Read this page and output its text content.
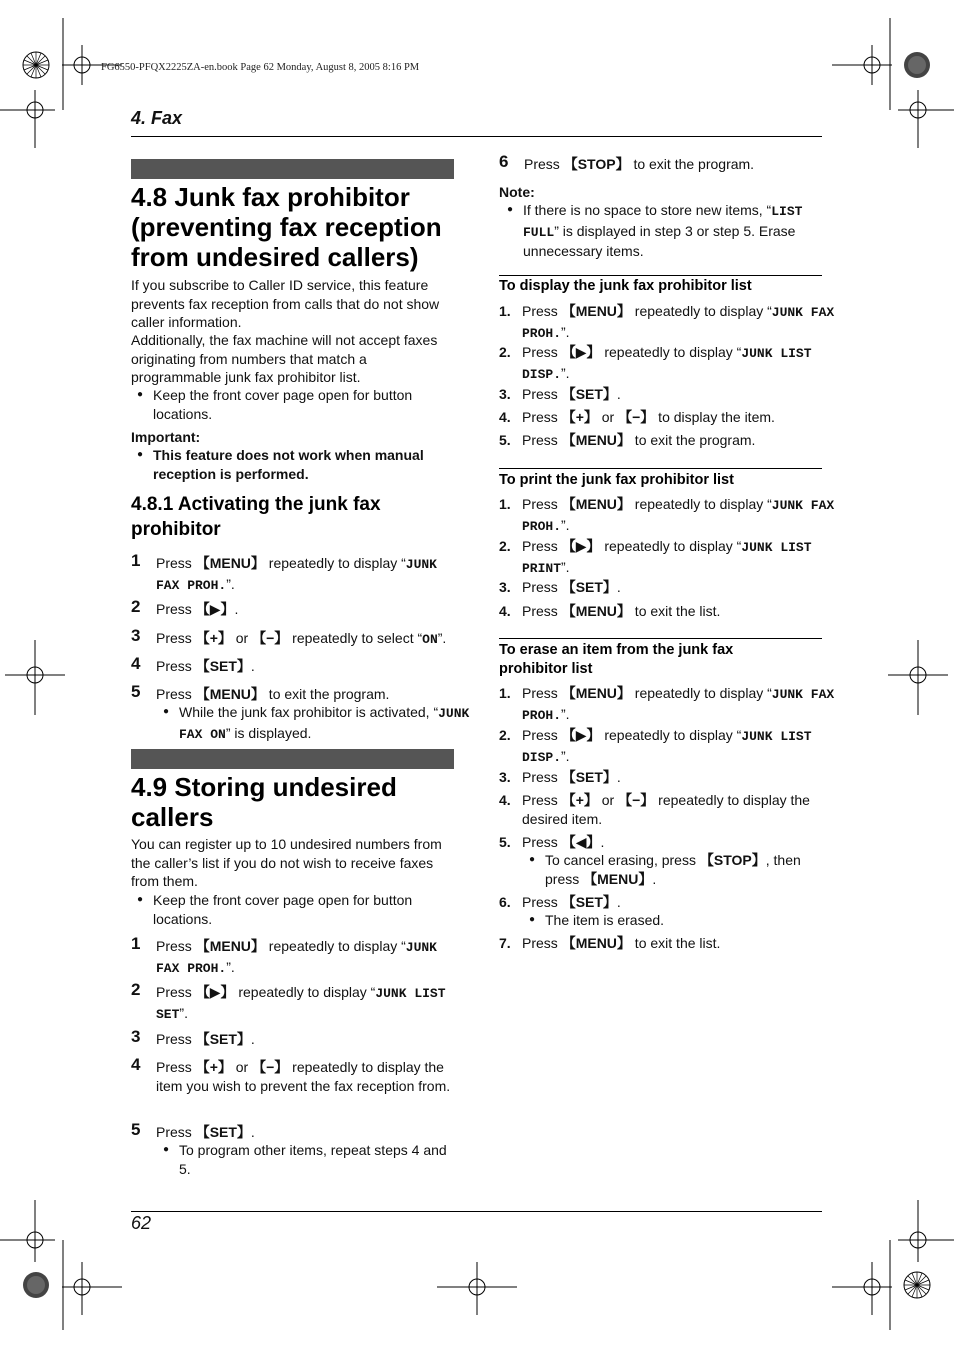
FG6550-PFQX2225ZA-en.book Page 62 Monday, August 8, 2005 8:16 PM
4. Fax
4.8 Junk fax prohibitor (preventing fax reception from undesired callers)
If you subscribe to Caller ID service, this feature prevents fax reception from calls that do not show caller information.
Additionally, the fax machine will not accept faxes originating from numbers that match a programmable junk fax prohibitor list.
● Keep the front cover page open for button locations.
Important:
● This feature does not work when manual reception is performed.
4.8.1 Activating the junk fax prohibitor
1 Press 【MENU】 repeatedly to display “JUNK FAX PROH.”.
2 Press 【▶】.
3 Press 【+】 or 【−】 repeatedly to select “ON”.
4 Press 【SET】.
5 Press 【MENU】 to exit the program.
● While the junk fax prohibitor is activated, “JUNK FAX ON” is displayed.
4.9 Storing undesired callers
You can register up to 10 undesired numbers from the caller’s list if you do not wish to receive faxes from them.
● Keep the front cover page open for button locations.
1 Press 【MENU】 repeatedly to display “JUNK FAX PROH.”.
2 Press 【▶】 repeatedly to display “JUNK LIST SET”.
3 Press 【SET】.
4 Press 【+】 or 【−】 repeatedly to display the item you wish to prevent the fax reception from.
5 Press 【SET】.
● To program other items, repeat steps 4 and 5.
6 Press 【STOP】 to exit the program.
Note:
● If there is no space to store new items, “LIST FULL” is displayed in step 3 or step 5. Erase unnecessary items.
To display the junk fax prohibitor list
1. Press 【MENU】 repeatedly to display “JUNK FAX PROH.”.
2. Press 【▶】 repeatedly to display “JUNK LIST DISP.”.
3. Press 【SET】.
4. Press 【+】 or 【−】 to display the item.
5. Press 【MENU】 to exit the program.
To print the junk fax prohibitor list
1. Press 【MENU】 repeatedly to display “JUNK FAX PROH.”.
2. Press 【▶】 repeatedly to display “JUNK LIST PRINT”.
3. Press 【SET】.
4. Press 【MENU】 to exit the list.
To erase an item from the junk fax prohibitor list
1. Press 【MENU】 repeatedly to display “JUNK FAX PROH.”.
2. Press 【▶】 repeatedly to display “JUNK LIST DISP.”.
3. Press 【SET】.
4. Press 【+】 or 【−】 repeatedly to display the desired item.
5. Press 【◀】.
● To cancel erasing, press 【STOP】, then press 【MENU】.
6. Press 【SET】.
● The item is erased.
7. Press 【MENU】 to exit the list.
62
